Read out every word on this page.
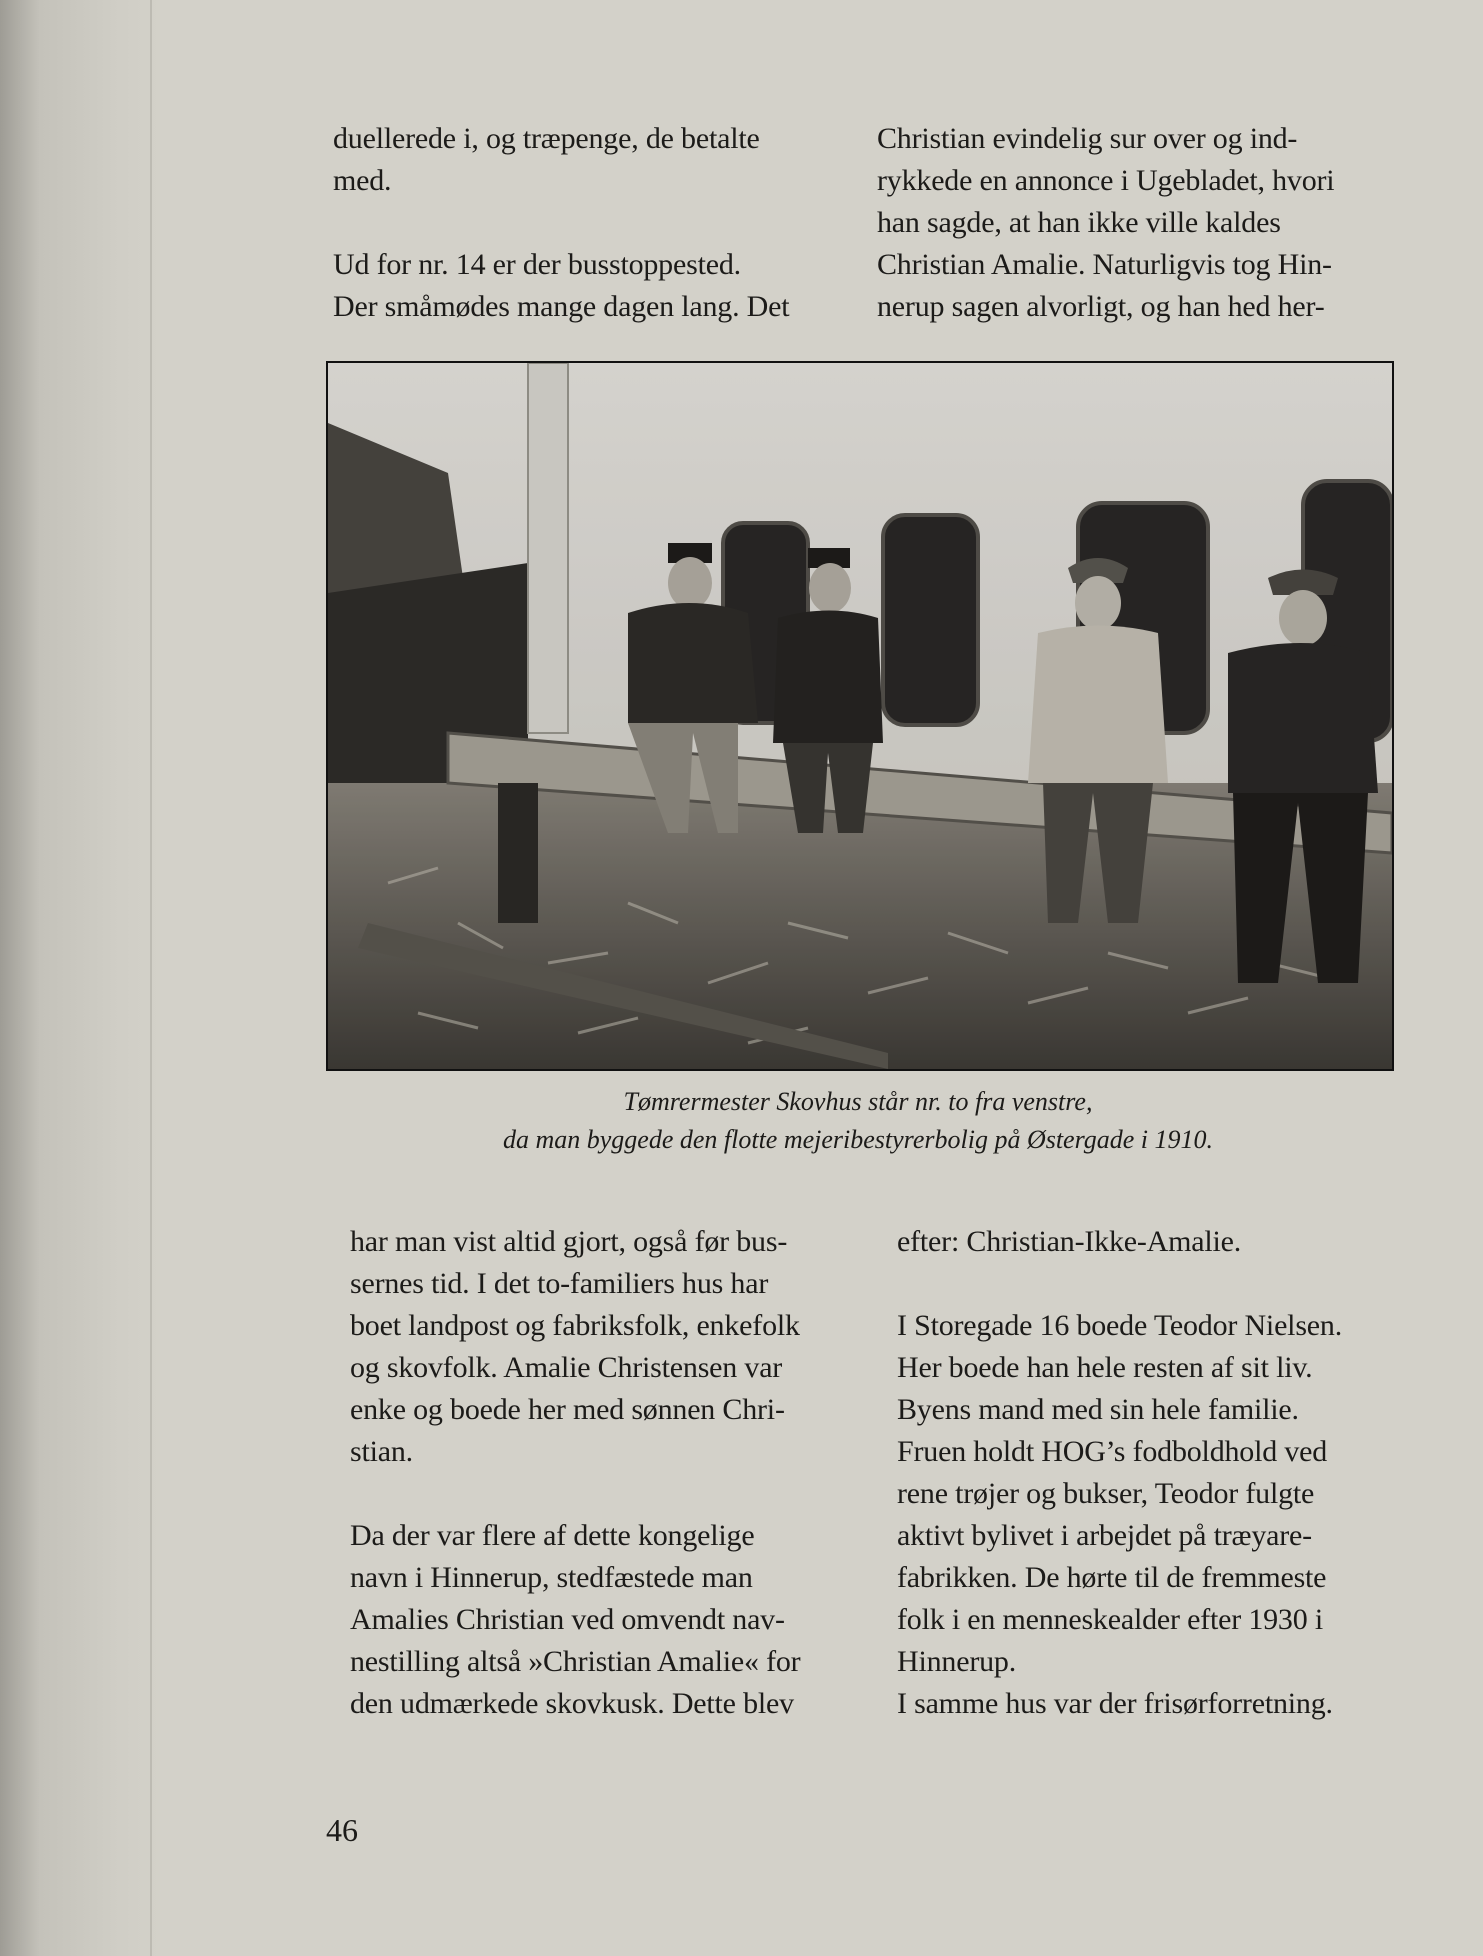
duellerede i, og træpenge, de betalte

med.

Ud for nr. 14 er der busstoppested.

Der småmødes mange dagen lang. Det

Christian evindelig sur over og ind-

rykkede en annonce i Ugebladet, hvori

han sagde, at han ikke ville kaldes

Christian Amalie. Naturligvis tog Hin-

nerup sagen alvorligt, og han hed her-

Tømrermester Skovhus står nr. to fra venstre,

da man byggede den flotte mejeribestyrerbolig på Østergade i 1910.

har man vist altid gjort, også før bus-

sernes tid. I det to-familiers hus har

boet landpost og fabriksfolk, enkefolk

og skovfolk. Amalie Christensen var

enke og boede her med sønnen Chri-

stian.

Da der var flere af dette kongelige

navn i Hinnerup, stedfæstede man

Amalies Christian ved omvendt nav-

nestilling altså »Christian Amalie« for

den udmærkede skovkusk. Dette blev

efter: Christian-Ikke-Amalie.

I Storegade 16 boede Teodor Nielsen.

Her boede han hele resten af sit liv.

Byens mand med sin hele familie.

Fruen holdt HOG’s fodboldhold ved

rene trøjer og bukser, Teodor fulgte

aktivt bylivet i arbejdet på træyare-

fabrikken. De hørte til de fremmeste

folk i en menneskealder efter 1930 i

Hinnerup.

I samme hus var der frisørforretning.

46
